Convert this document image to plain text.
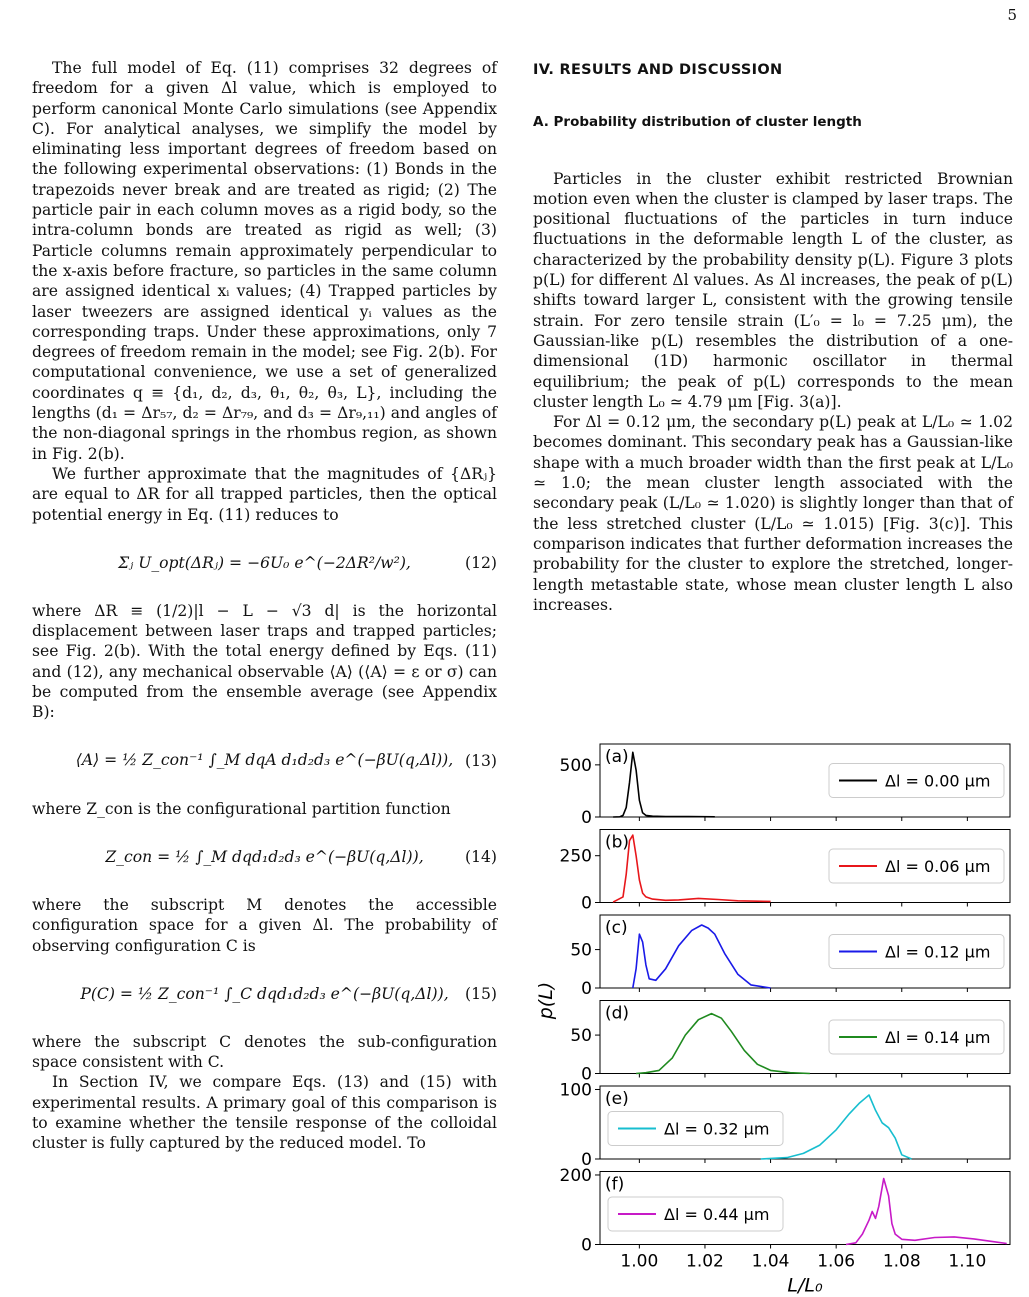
5

The full model of Eq. (11) comprises 32 degrees of freedom for a given Δl value, which is employed to perform canonical Monte Carlo simulations (see Appendix C). For analytical analyses, we simplify the model by eliminating less important degrees of freedom based on the following experimental observations: (1) Bonds in the trapezoids never break and are treated as rigid; (2) The particle pair in each column moves as a rigid body, so the intra-column bonds are treated as rigid as well; (3) Particle columns remain approximately perpendicular to the x-axis before fracture, so particles in the same column are assigned identical xᵢ values; (4) Trapped particles by laser tweezers are assigned identical yᵢ values as the corresponding traps. Under these approximations, only 7 degrees of freedom remain in the model; see Fig. 2(b). For computational convenience, we use a set of generalized coordinates q ≡ {d₁, d₂, d₃, θ₁, θ₂, θ₃, L}, including the lengths (d₁ = Δr₅₇, d₂ = Δr₇₉, and d₃ = Δr₉,₁₁) and angles of the non-diagonal springs in the rhombus region, as shown in Fig. 2(b).

We further approximate that the magnitudes of {ΔRⱼ} are equal to ΔR for all trapped particles, then the optical potential energy in Eq. (11) reduces to

Σⱼ U_opt(ΔRⱼ) = −6U₀ e^(−2ΔR²/w²),	(12)

where ΔR ≡ (1/2)|l − L − √3 d| is the horizontal displacement between laser traps and trapped particles; see Fig. 2(b). With the total energy defined by Eqs. (11) and (12), any mechanical observable ⟨A⟩ (⟨A⟩ = ε or σ) can be computed from the ensemble average (see Appendix B):

⟨A⟩ = ½ Z_con⁻¹ ∫_M dqA d₁d₂d₃ e^(−βU(q,Δl)), (13)

where Z_con is the configurational partition function

Z_con = ½ ∫_M dqd₁d₂d₃ e^(−βU(q,Δl)),	(14)

where the subscript M denotes the accessible configuration space for a given Δl. The probability of observing configuration C is

P(C) = ½ Z_con⁻¹ ∫_C dqd₁d₂d₃ e^(−βU(q,Δl)), (15)

where the subscript C denotes the sub-configuration space consistent with C.

In Section IV, we compare Eqs. (13) and (15) with experimental results. A primary goal of this comparison is to examine whether the tensile response of the colloidal cluster is fully captured by the reduced model. To

IV. RESULTS AND DISCUSSION
A. Probability distribution of cluster length

Particles in the cluster exhibit restricted Brownian motion even when the cluster is clamped by laser traps. The positional fluctuations of the particles in turn induce fluctuations in the deformable length L of the cluster, as characterized by the probability density p(L). Figure 3 plots p(L) for different Δl values. As Δl increases, the peak of p(L) shifts toward larger L, consistent with the growing tensile strain. For zero tensile strain (L′₀ = l₀ = 7.25 μm), the Gaussian-like p(L) resembles the distribution of a one-dimensional (1D) harmonic oscillator in thermal equilibrium; the peak of p(L) corresponds to the mean cluster length L₀ ≃ 4.79 μm [Fig. 3(a)].

For Δl = 0.12 μm, the secondary p(L) peak at L/L₀ ≃ 1.02 becomes dominant. This secondary peak has a Gaussian-like shape with a much broader width than the first peak at L/L₀ ≃ 1.0; the mean cluster length associated with the secondary peak (L/L₀ ≃ 1.020) is slightly longer than that of the less stretched cluster (L/L₀ ≃ 1.015) [Fig. 3(c)]. This comparison indicates that further deformation increases the probability for the cluster to explore the stretched, longer-length metastable state, whose mean cluster length L also increases.

0
500 (a)
Δl = 0.00 μm
0
250
(b)
Δl = 0.06 μm
0
50
(c)
Δl = 0.12 μm
0
50
(d)
Δl = 0.14 μm
0
100 (e)
Δl = 0.32 μm
0
200 (f)
Δl = 0.44 μm
1.00 1.02 1.04 1.06 1.08 1.10
L/L₀
p(L)
